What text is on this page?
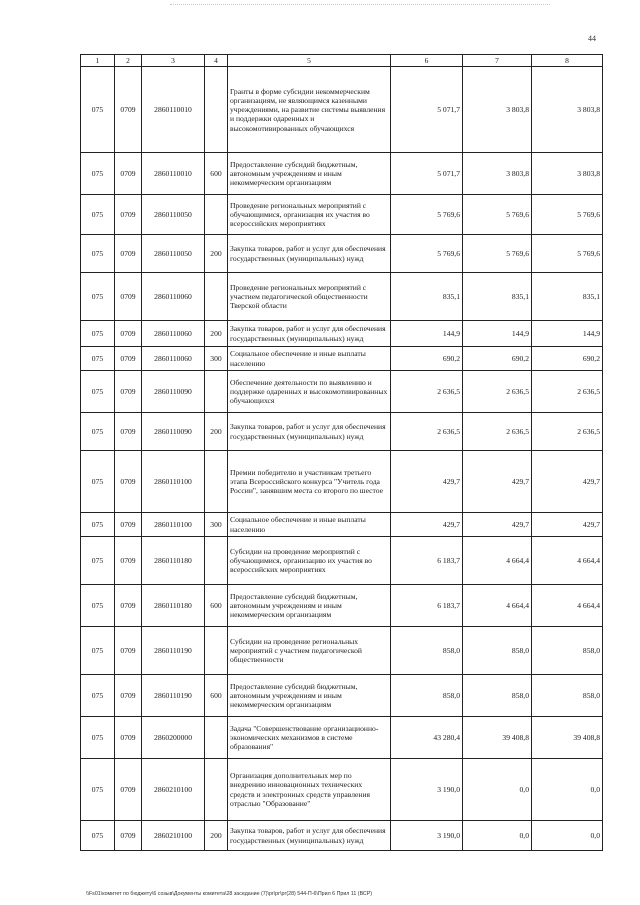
44
1	2	3	4	5	6	7	8
075	0709	2860110010		Гранты в форме субсидии некоммерческим организациям, не являющимся казенными учреждениями, на развитие системы выявления и поддержки одаренных и высокомотивированных обучающихся	5 071,7	3 803,8	3 803,8
075	0709	2860110010	600	Предоставление субсидий бюджетным, автономным учреждениям и иным некоммерческим организациям	5 071,7	3 803,8	3 803,8
075	0709	2860110050		Проведение региональных мероприятий с обучающимися, организация их участия во всероссийских мероприятиях	5 769,6	5 769,6	5 769,6
075	0709	2860110050	200	Закупка товаров, работ и услуг для обеспечения государственных (муниципальных) нужд	5 769,6	5 769,6	5 769,6
075	0709	2860110060		Проведение региональных мероприятий с участием педагогической общественности Тверской области	835,1	835,1	835,1
075	0709	2860110060	200	Закупка товаров, работ и услуг для обеспечения государственных (муниципальных) нужд	144,9	144,9	144,9
075	0709	2860110060	300	Социальное обеспечение и иные выплаты населению	690,2	690,2	690,2
075	0709	2860110090		Обеспечение деятельности по выявлению и поддержке одаренных и высокомотивированных обучающихся	2 636,5	2 636,5	2 636,5
075	0709	2860110090	200	Закупка товаров, работ и услуг для обеспечения государственных (муниципальных) нужд	2 636,5	2 636,5	2 636,5
075	0709	2860110100		Премии победителю и участникам третьего этапа Всероссийского конкурса "Учитель года России", занявшим места со второго по шестое	429,7	429,7	429,7
075	0709	2860110100	300	Социальное обеспечение и иные выплаты населению	429,7	429,7	429,7
075	0709	2860110180		Субсидии на проведение мероприятий с обучающимися, организацию их участия во всероссийских мероприятиях	6 183,7	4 664,4	4 664,4
075	0709	2860110180	600	Предоставление субсидий бюджетным, автономным учреждениям и иным некоммерческим организациям	6 183,7	4 664,4	4 664,4
075	0709	2860110190		Субсидии на проведение региональных мероприятий с участием педагогической общественности	858,0	858,0	858,0
075	0709	2860110190	600	Предоставление субсидий бюджетным, автономным учреждениям и иным некоммерческим организациям	858,0	858,0	858,0
075	0709	2860200000		Задача "Совершенствование организационно-экономических механизмов в системе образования"	43 280,4	39 408,8	39 408,8
075	0709	2860210100		Организация дополнительных мер по внедрению инновационных технических средств и электронных средств управления отраслью "Образование"	3 190,0	0,0	0,0
075	0709	2860210100	200	Закупка товаров, работ и услуг для обеспечения государственных (муниципальных) нужд	3 190,0	0,0	0,0
\\Fs01\комитет по бюджету\6 созыв\Документы комитета\28 заседание (7)\pr\рг\рг(28) 544-П-6\Прил 6 Прил 11 (ВСР)
